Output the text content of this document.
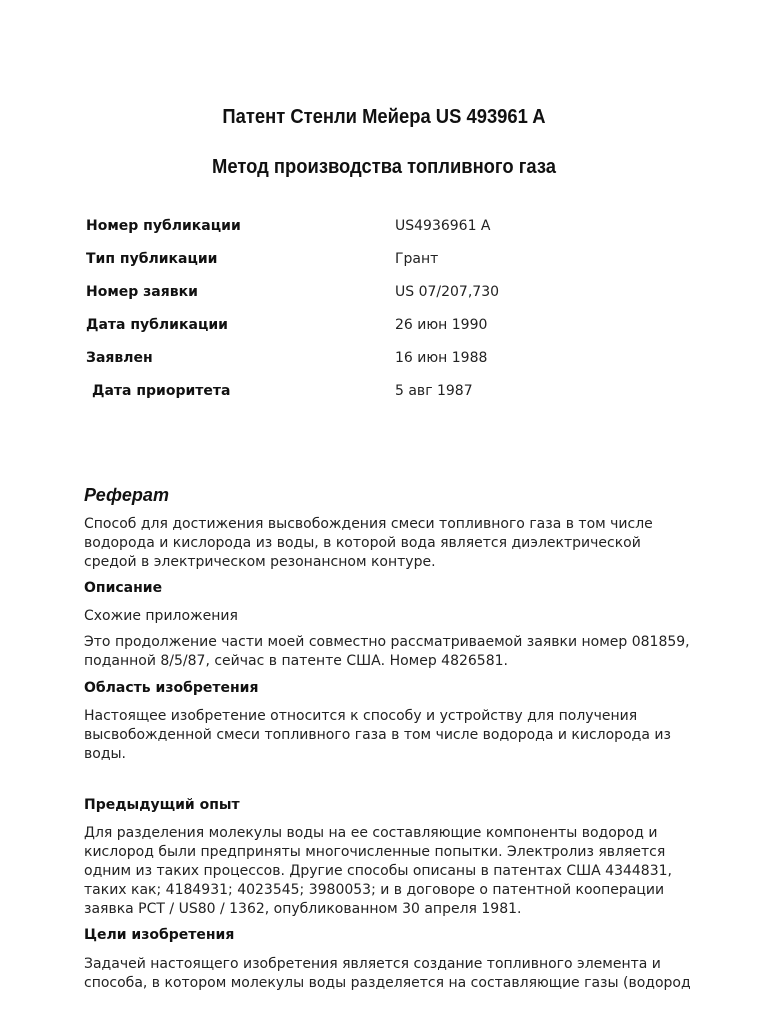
Патент Стенли Мейера US 493961 A
Метод производства топливного газа
Номер публикации	US4936961 A
Тип публикации	Грант
Номер заявки	US 07/207,730
Дата публикации	26 июн 1990
Заявлен	16 июн 1988
Дата приоритета	5 авг 1987
Реферат
Способ для достижения высвобождения смеси топливного газа в том числе
водорода и кислорода из воды, в которой вода является диэлектрической
средой в электрическом резонансном контуре.
Описание
Схожие приложения
Это продолжение части моей совместно рассматриваемой заявки номер 081859,
поданной 8/5/87, сейчас в патенте США. Номер 4826581.
Область изобретения
Настоящее изобретение относится к способу и устройству для получения
высвобожденной смеси топливного газа в том числе водорода и кислорода из
воды.
Предыдущий опыт
Для разделения молекулы воды на ее составляющие компоненты водород и
кислород были предприняты многочисленные попытки. Электролиз является
одним из таких процессов. Другие способы описаны в патентах США 4344831,
таких как; 4184931; 4023545; 3980053; и в договоре о патентной кооперации
заявка PCT / US80 / 1362, опубликованном 30 апреля 1981.
Цели изобретения
Задачей настоящего изобретения является создание топливного элемента и
способа, в котором молекулы воды разделяется на составляющие газы (водород
